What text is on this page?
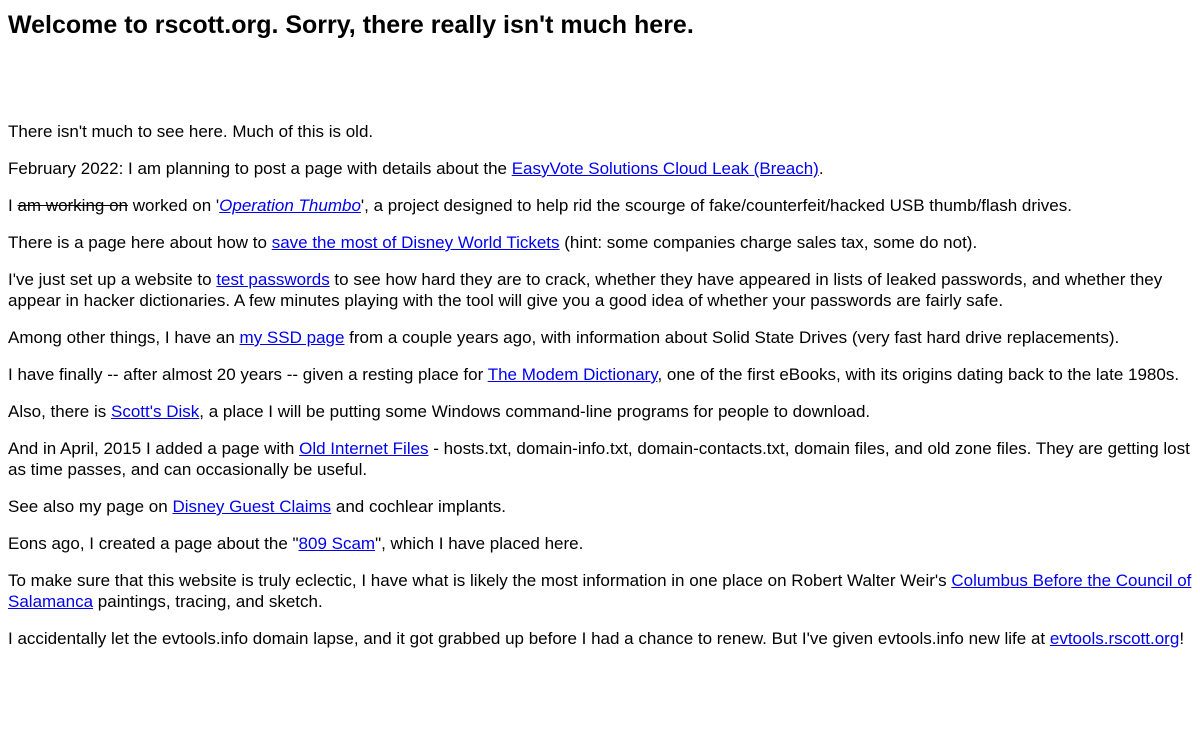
Welcome to rscott.org. Sorry, there really isn't much here.

There isn't much to see here. Much of this is old.

February 2022: I am planning to post a page with details about the EasyVote Solutions Cloud Leak (Breach).

I am working on worked on 'Operation Thumbo', a project designed to help rid the scourge of fake/counterfeit/hacked USB thumb/flash drives.

There is a page here about how to save the most of Disney World Tickets (hint: some companies charge sales tax, some do not).

I've just set up a website to test passwords to see how hard they are to crack, whether they have appeared in lists of leaked passwords, and whether they appear in hacker dictionaries. A few minutes playing with the tool will give you a good idea of whether your passwords are fairly safe.

Among other things, I have an my SSD page from a couple years ago, with information about Solid State Drives (very fast hard drive replacements).

I have finally -- after almost 20 years -- given a resting place for The Modem Dictionary, one of the first eBooks, with its origins dating back to the late 1980s.

Also, there is Scott's Disk, a place I will be putting some Windows command-line programs for people to download.

And in April, 2015 I added a page with Old Internet Files - hosts.txt, domain-info.txt, domain-contacts.txt, domain files, and old zone files. They are getting lost as time passes, and can occasionally be useful.

See also my page on Disney Guest Claims and cochlear implants.

Eons ago, I created a page about the "809 Scam", which I have placed here.

To make sure that this website is truly eclectic, I have what is likely the most information in one place on Robert Walter Weir's Columbus Before the Council of Salamanca paintings, tracing, and sketch.

I accidentally let the evtools.info domain lapse, and it got grabbed up before I had a chance to renew. But I've given evtools.info new life at evtools.rscott.org!
